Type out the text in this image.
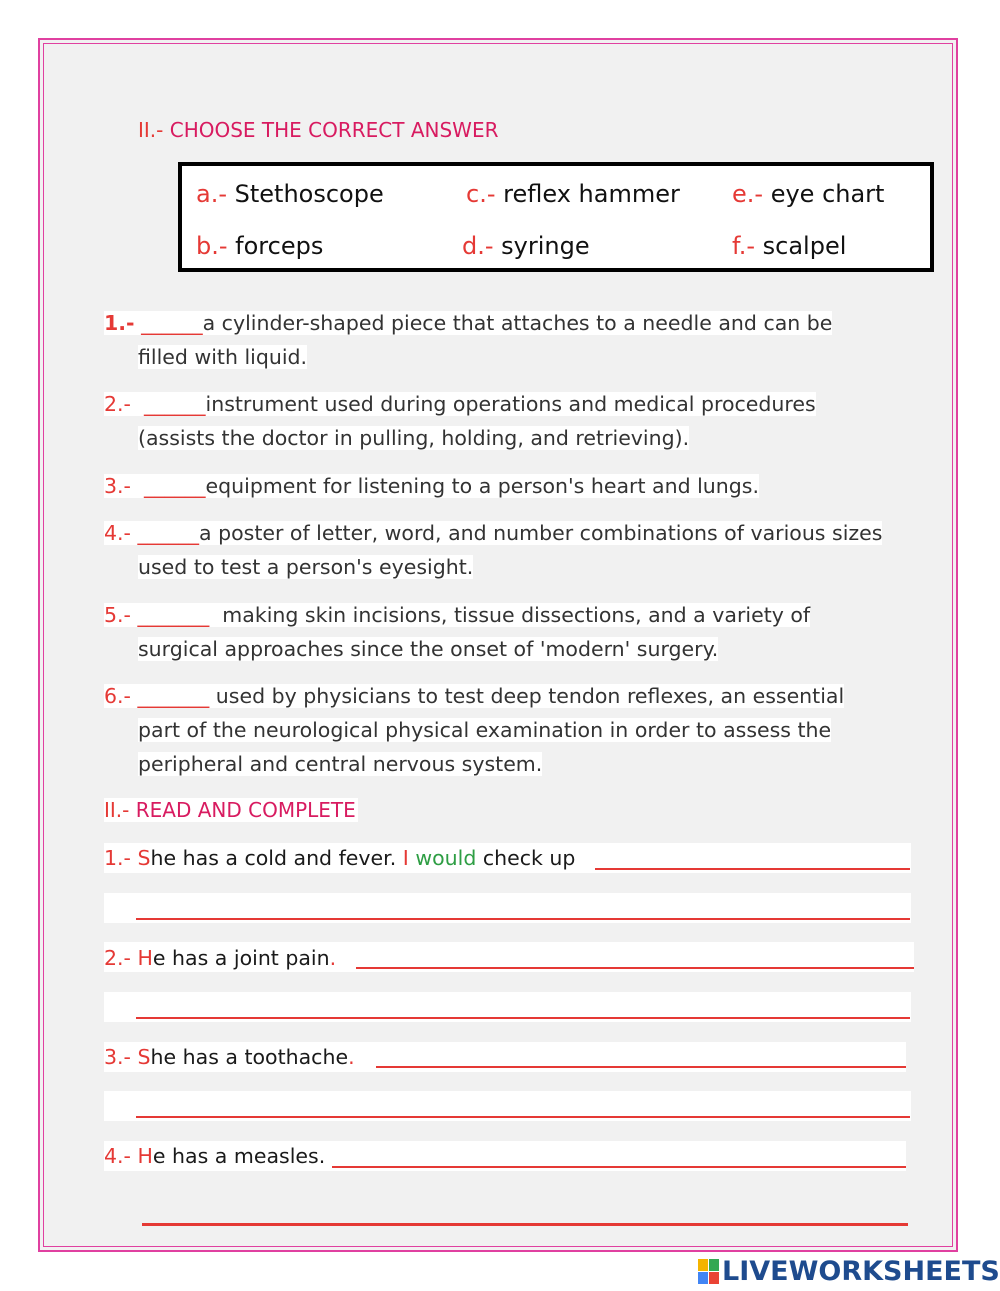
II.- CHOOSE THE CORRECT ANSWER
a.- Stethoscope	c.- reflex hammer e.- eye chart
b.- forceps	d.- syringe	f.- scalpel
1.- ______a cylinder-shaped piece that attaches to a needle and can be
filled with liquid.
2.- ______instrument used during operations and medical procedures
(assists the doctor in pulling, holding, and retrieving).
3.- ______equipment for listening to a person's heart and lungs.
4.- ______a poster of letter, word, and number combinations of various sizes
used to test a person's eyesight.
5.- _______  making skin incisions, tissue dissections, and a variety of
surgical approaches since the onset of 'modern' surgery.
6.- _______ used by physicians to test deep tendon reflexes, an essential
part of the neurological physical examination in order to assess the
peripheral and central nervous system.
II.- READ AND COMPLETE
1.- She has a cold and fever. I would check up
2.- He has a joint pain.
3.- She has a toothache.
4.- He has a measles.
LIVEWORKSHEETS
